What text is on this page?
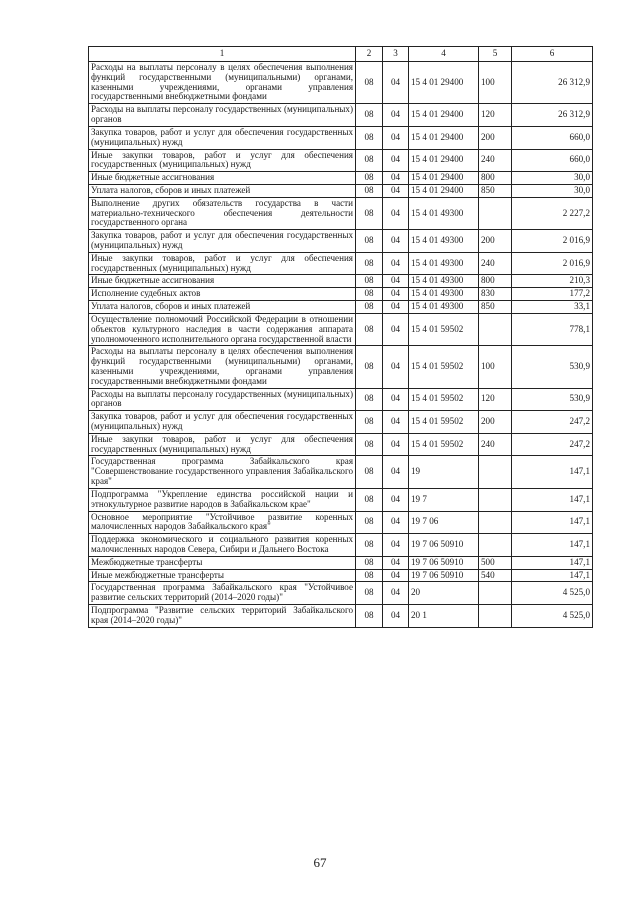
1	2	3	4	5	6
Расходы на выплаты персоналу в целях обеспечения выполнения функций государственными (муниципальными) органами, казенными учреждениями, органами управления государственными внебюджетными фондами	08	04	15 4 01 29400	100	26 312,9
Расходы на выплаты персоналу государственных (муниципальных) органов	08	04	15 4 01 29400	120	26 312,9
Закупка товаров, работ и услуг для обеспечения государственных (муниципальных) нужд	08	04	15 4 01 29400	200	660,0
Иные закупки товаров, работ и услуг для обеспечения государственных (муниципальных) нужд	08	04	15 4 01 29400	240	660,0
Иные бюджетные ассигнования	08	04	15 4 01 29400	800	30,0
Уплата налогов, сборов и иных платежей	08	04	15 4 01 29400	850	30,0
Выполнение других обязательств государства в части материально-технического обеспечения деятельности государственного органа	08	04	15 4 01 49300		2 227,2
Закупка товаров, работ и услуг для обеспечения государственных (муниципальных) нужд	08	04	15 4 01 49300	200	2 016,9
Иные закупки товаров, работ и услуг для обеспечения государственных (муниципальных) нужд	08	04	15 4 01 49300	240	2 016,9
Иные бюджетные ассигнования	08	04	15 4 01 49300	800	210,3
Исполнение судебных актов	08	04	15 4 01 49300	830	177,2
Уплата налогов, сборов и иных платежей	08	04	15 4 01 49300	850	33,1
Осуществление полномочий Российской Федерации в отношении объектов культурного наследия в части содержания аппарата уполномоченного исполнительного органа государственной власти	08	04	15 4 01 59502		778,1
Расходы на выплаты персоналу в целях обеспечения выполнения функций государственными (муниципальными) органами, казенными учреждениями, органами управления государственными внебюджетными фондами	08	04	15 4 01 59502	100	530,9
Расходы на выплаты персоналу государственных (муниципальных) органов	08	04	15 4 01 59502	120	530,9
Закупка товаров, работ и услуг для обеспечения государственных (муниципальных) нужд	08	04	15 4 01 59502	200	247,2
Иные закупки товаров, работ и услуг для обеспечения государственных (муниципальных) нужд	08	04	15 4 01 59502	240	247,2
Государственная программа Забайкальского края "Совершенствование государственного управления Забайкальского края"	08	04	19		147,1
Подпрограмма "Укрепление единства российской нации и этнокультурное развитие народов в Забайкальском крае"	08	04	19 7		147,1
Основное мероприятие "Устойчивое развитие коренных малочисленных народов Забайкальского края"	08	04	19 7 06		147,1
Поддержка экономического и социального развития коренных малочисленных народов Севера, Сибири и Дальнего Востока	08	04	19 7 06 50910		147,1
Межбюджетные трансферты	08	04	19 7 06 50910	500	147,1
Иные межбюджетные трансферты	08	04	19 7 06 50910	540	147,1
Государственная программа Забайкальского края "Устойчивое развитие сельских территорий (2014–2020 годы)"	08	04	20		4 525,0
Подпрограмма "Развитие сельских территорий Забайкальского края (2014–2020 годы)"	08	04	20 1		4 525,0
67
